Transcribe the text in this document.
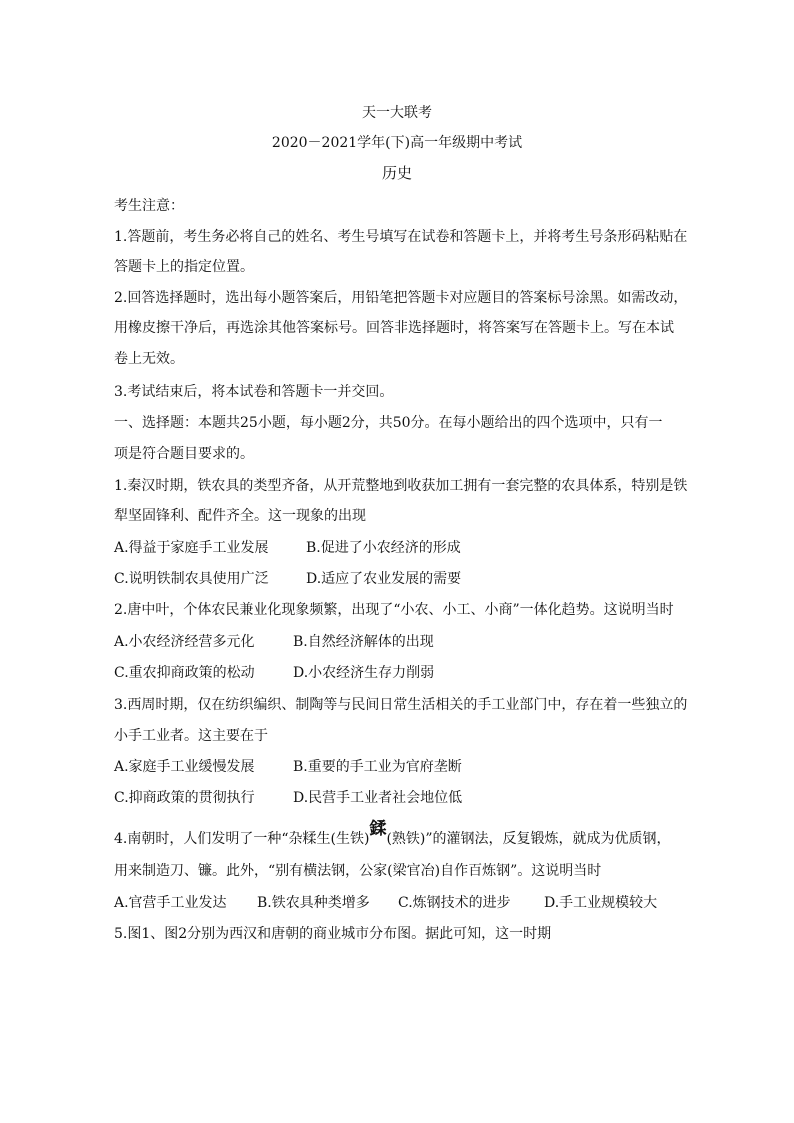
天一大联考
2020－2021学年(下)高一年级期中考试
历史
考生注意：
1.答题前，考生务必将自己的姓名、考生号填写在试卷和答题卡上，并将考生号条形码粘贴在
答题卡上的指定位置。
2.回答选择题时，选出每小题答案后，用铅笔把答题卡对应题目的答案标号涂黑。如需改动，
用橡皮擦干净后，再选涂其他答案标号。回答非选择题时，将答案写在答题卡上。写在本试
卷上无效。
3.考试结束后，将本试卷和答题卡一并交回。
一、选择题：本题共25小题，每小题2分，共50分。在每小题给出的四个选项中，只有一
项是符合题目要求的。
1.秦汉时期，铁农具的类型齐备，从开荒整地到收获加工拥有一套完整的农具体系，特别是铁
犁坚固锋利、配件齐全。这一现象的出现
A.得益于家庭手工业发展	B.促进了小农经济的形成
C.说明铁制农具使用广泛	D.适应了农业发展的需要
2.唐中叶，个体农民兼业化现象频繁，出现了“小农、小工、小商”一体化趋势。这说明当时
A.小农经济经营多元化	B.自然经济解体的出现
C.重农抑商政策的松动	D.小农经济生存力削弱
3.西周时期，仅在纺织编织、制陶等与民间日常生活相关的手工业部门中，存在着一些独立的
小手工业者。这主要在于
A.家庭手工业缓慢发展	B.重要的手工业为官府垄断
C.抑商政策的贯彻执行	D.民营手工业者社会地位低
4.南朝时，人们发明了一种“杂糅生(生铁)鍒(熟铁)”的灌钢法，反复锻炼，就成为优质钢，
用来制造刀、镰。此外，“别有横法钢，公家(梁官冶)自作百炼钢”。这说明当时
A.官营手工业发达 B.铁农具种类增多 C.炼钢技术的进步 D.手工业规模较大
5.图1、图2分别为西汉和唐朝的商业城市分布图。据此可知，这一时期
